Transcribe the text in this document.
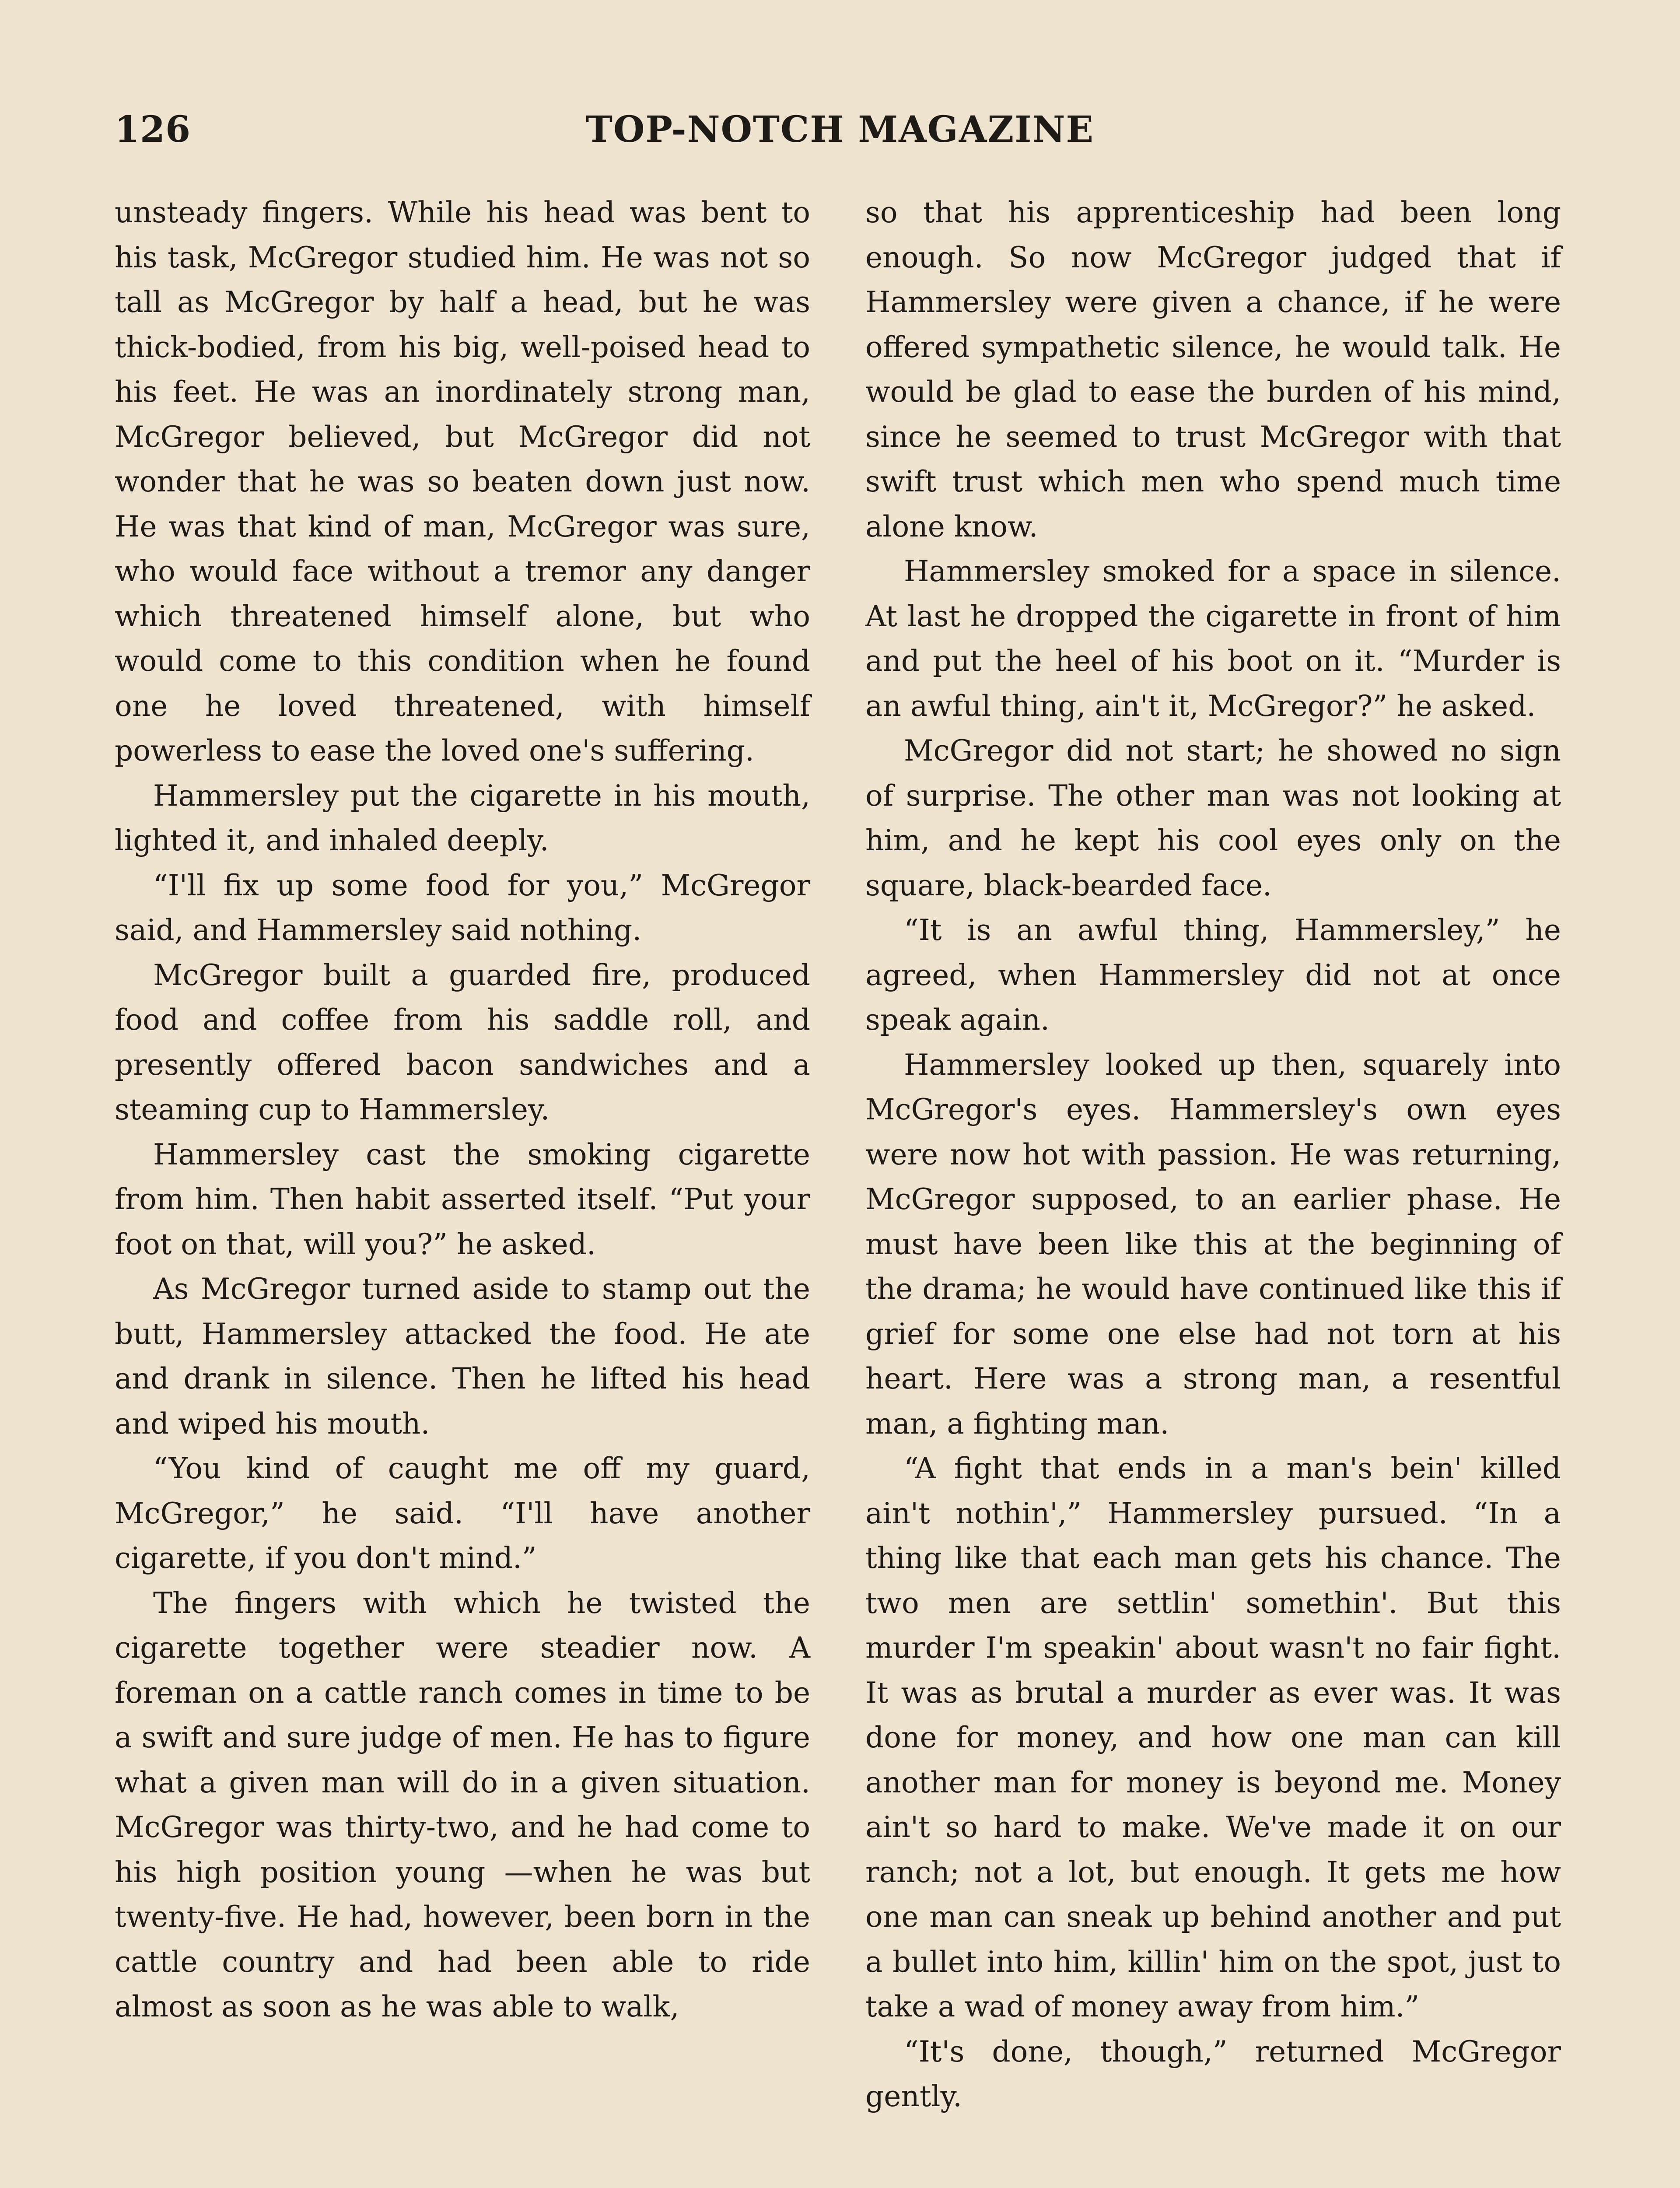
126	TOP-NOTCH MAGAZINE

unsteady fingers. While his head was bent to his task, McGregor studied him. He was not so tall as McGregor by half a head, but he was thick-bodied, from his big, well-poised head to his feet. He was an inordinately strong man, McGregor believed, but McGregor did not wonder that he was so beaten down just now. He was that kind of man, McGregor was sure, who would face without a tremor any danger which threatened himself alone, but who would come to this condition when he found one he loved threatened, with himself powerless to ease the loved one's suffering.

Hammersley put the cigarette in his mouth, lighted it, and inhaled deeply.

“I'll fix up some food for you,” McGregor said, and Hammersley said nothing.

McGregor built a guarded fire, produced food and coffee from his saddle roll, and presently offered bacon sandwiches and a steaming cup to Hammersley.

Hammersley cast the smoking cigarette from him. Then habit asserted itself. “Put your foot on that, will you?” he asked.

As McGregor turned aside to stamp out the butt, Hammersley attacked the food. He ate and drank in silence. Then he lifted his head and wiped his mouth.

“You kind of caught me off my guard, McGregor,” he said. “I'll have another cigarette, if you don't mind.”

The fingers with which he twisted the cigarette together were steadier now. A foreman on a cattle ranch comes in time to be a swift and sure judge of men. He has to figure what a given man will do in a given situation. McGregor was thirty-two, and he had come to his high position young —when he was but twenty-five. He had, however, been born in the cattle country and had been able to ride almost as soon as he was able to walk,

so that his apprenticeship had been long enough. So now McGregor judged that if Hammersley were given a chance, if he were offered sympathetic silence, he would talk. He would be glad to ease the burden of his mind, since he seemed to trust McGregor with that swift trust which men who spend much time alone know.

Hammersley smoked for a space in silence. At last he dropped the cigarette in front of him and put the heel of his boot on it. “Murder is an awful thing, ain't it, McGregor?” he asked.

McGregor did not start; he showed no sign of surprise. The other man was not looking at him, and he kept his cool eyes only on the square, black-bearded face.

“It is an awful thing, Hammersley,” he agreed, when Hammersley did not at once speak again.

Hammersley looked up then, squarely into McGregor's eyes. Hammersley's own eyes were now hot with passion. He was returning, McGregor supposed, to an earlier phase. He must have been like this at the beginning of the drama; he would have continued like this if grief for some one else had not torn at his heart. Here was a strong man, a resentful man, a fighting man.

“A fight that ends in a man's bein' killed ain't nothin',” Hammersley pursued. “In a thing like that each man gets his chance. The two men are settlin' somethin'. But this murder I'm speakin' about wasn't no fair fight. It was as brutal a murder as ever was. It was done for money, and how one man can kill another man for money is beyond me. Money ain't so hard to make. We've made it on our ranch; not a lot, but enough. It gets me how one man can sneak up behind another and put a bullet into him, killin' him on the spot, just to take a wad of money away from him.”

“It's done, though,” returned McGregor gently.
